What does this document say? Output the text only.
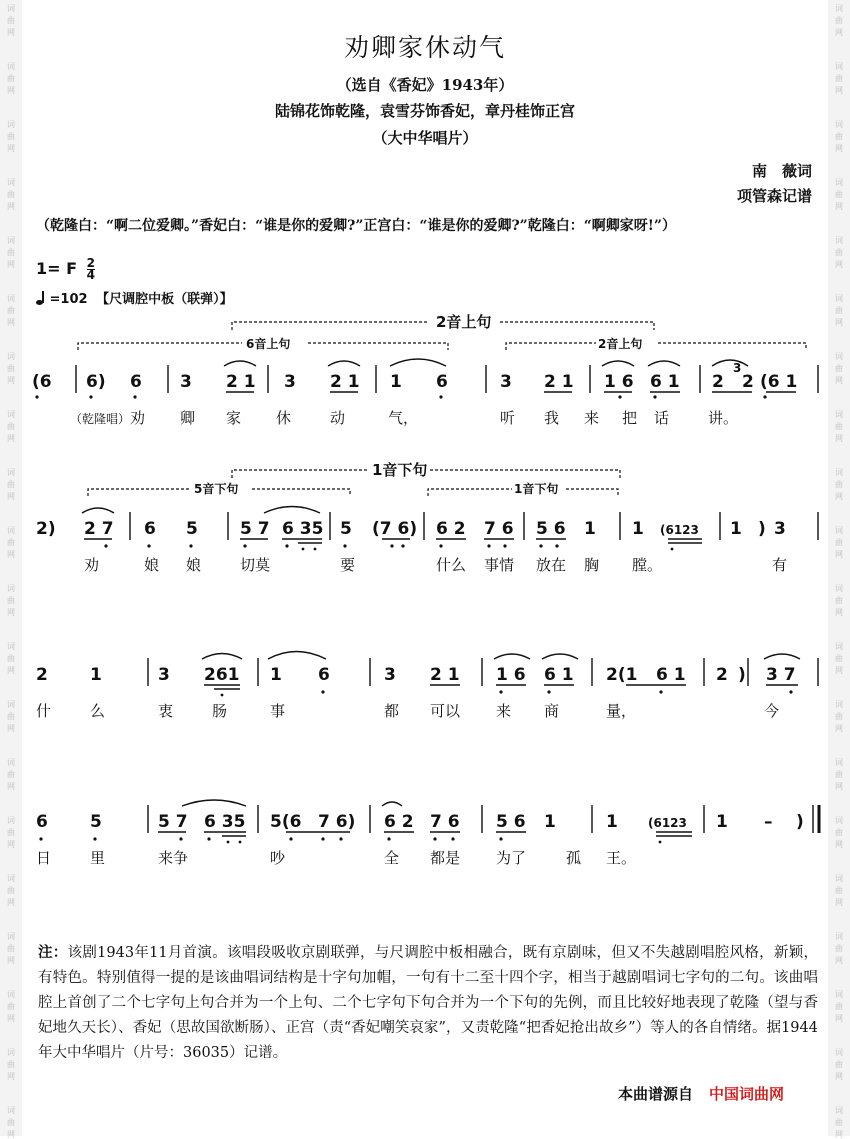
词
曲
网
词
曲
网
词
曲
网
词
曲
网
词
曲
网
词
曲
网
词
曲
网
词
曲
网
词
曲
网
词
曲
网
词
曲
网
词
曲
网
词
曲
网
词
曲
网
词
曲
网
词
曲
网
词
曲
网
词
曲
网
词
曲
网
词
曲
网
词
曲
网
词
曲
网
词
曲
网
词
曲
网
词
曲
网
词
曲
网
词
曲
网
词
曲
网
词
曲
网
词
曲
网
词
曲
网
词
曲
网
词
曲
网
词
曲
网
词
曲
网
词
曲
网
词
曲
网
词
曲
网
词
曲
网
词
曲
网
劝卿家休动气
（选自《香妃》1943年）
陆锦花饰乾隆，袁雪芬饰香妃，章丹桂饰正宫
（大中华唱片）
南　薇词
项管森记谱
（乾隆白：“啊二位爱卿。”香妃白：“谁是你的爱卿?”正宫白：“谁是你的爱卿?”乾隆白：“啊卿家呀!”）
1= F $\frac{2}{4}$
=102 【尺调腔中板（联弹）】
2音上句
6音上句	2音上句
1音下句
5音下句	1音下句
(6 6) 6 3 2 1 3 2 1 1 6	3 2 1 1 6 6 1 2
3
2 (6 1
（乾隆唱） 劝 卿 家 休	动	气，	听 我 来 把 话	讲。
2) 2 7 6 5 5 7 6 35 5 (7 6) 6 2 7 6 5 6 1 1 (6123 1 ) 3
劝	娘 娘	切莫	要	什么 事情 放在 胸 膛。	有
2 1	3 261 1 6	3 2 1 1 6 6 1 2(1 6 1 2 ) 3 7
什	么	衷	肠	事	都 可以 来 商	量，	今
6 5	5 7 6 35 5(6 7 6) 6 2 7 6 5 6 1	1	(6123 1 – )
日	里	来争	吵	全 都是 为了	孤 王。
注：该剧1943年11月首演。该唱段吸收京剧联弹，与尺调腔中板相融合，既有京剧味，但又不失越剧唱腔风格，新颖，有特色。特别值得一提的是该曲唱词结构是十字句加帽，一句有十二至十四个字，相当于越剧唱词七字句的二句。该曲唱腔上首创了二个七字句上句合并为一个上句、二个七字句下句合并为一个下句的先例，而且比较好地表现了乾隆（望与香妃地久天长）、香妃（思故国欲断肠）、正宫（责“香妃嘲笑哀家”，又责乾隆“把香妃抢出故乡”）等人的各自情绪。据1944年大中华唱片（片号：36035）记谱。
本曲谱源自 中国词曲网
